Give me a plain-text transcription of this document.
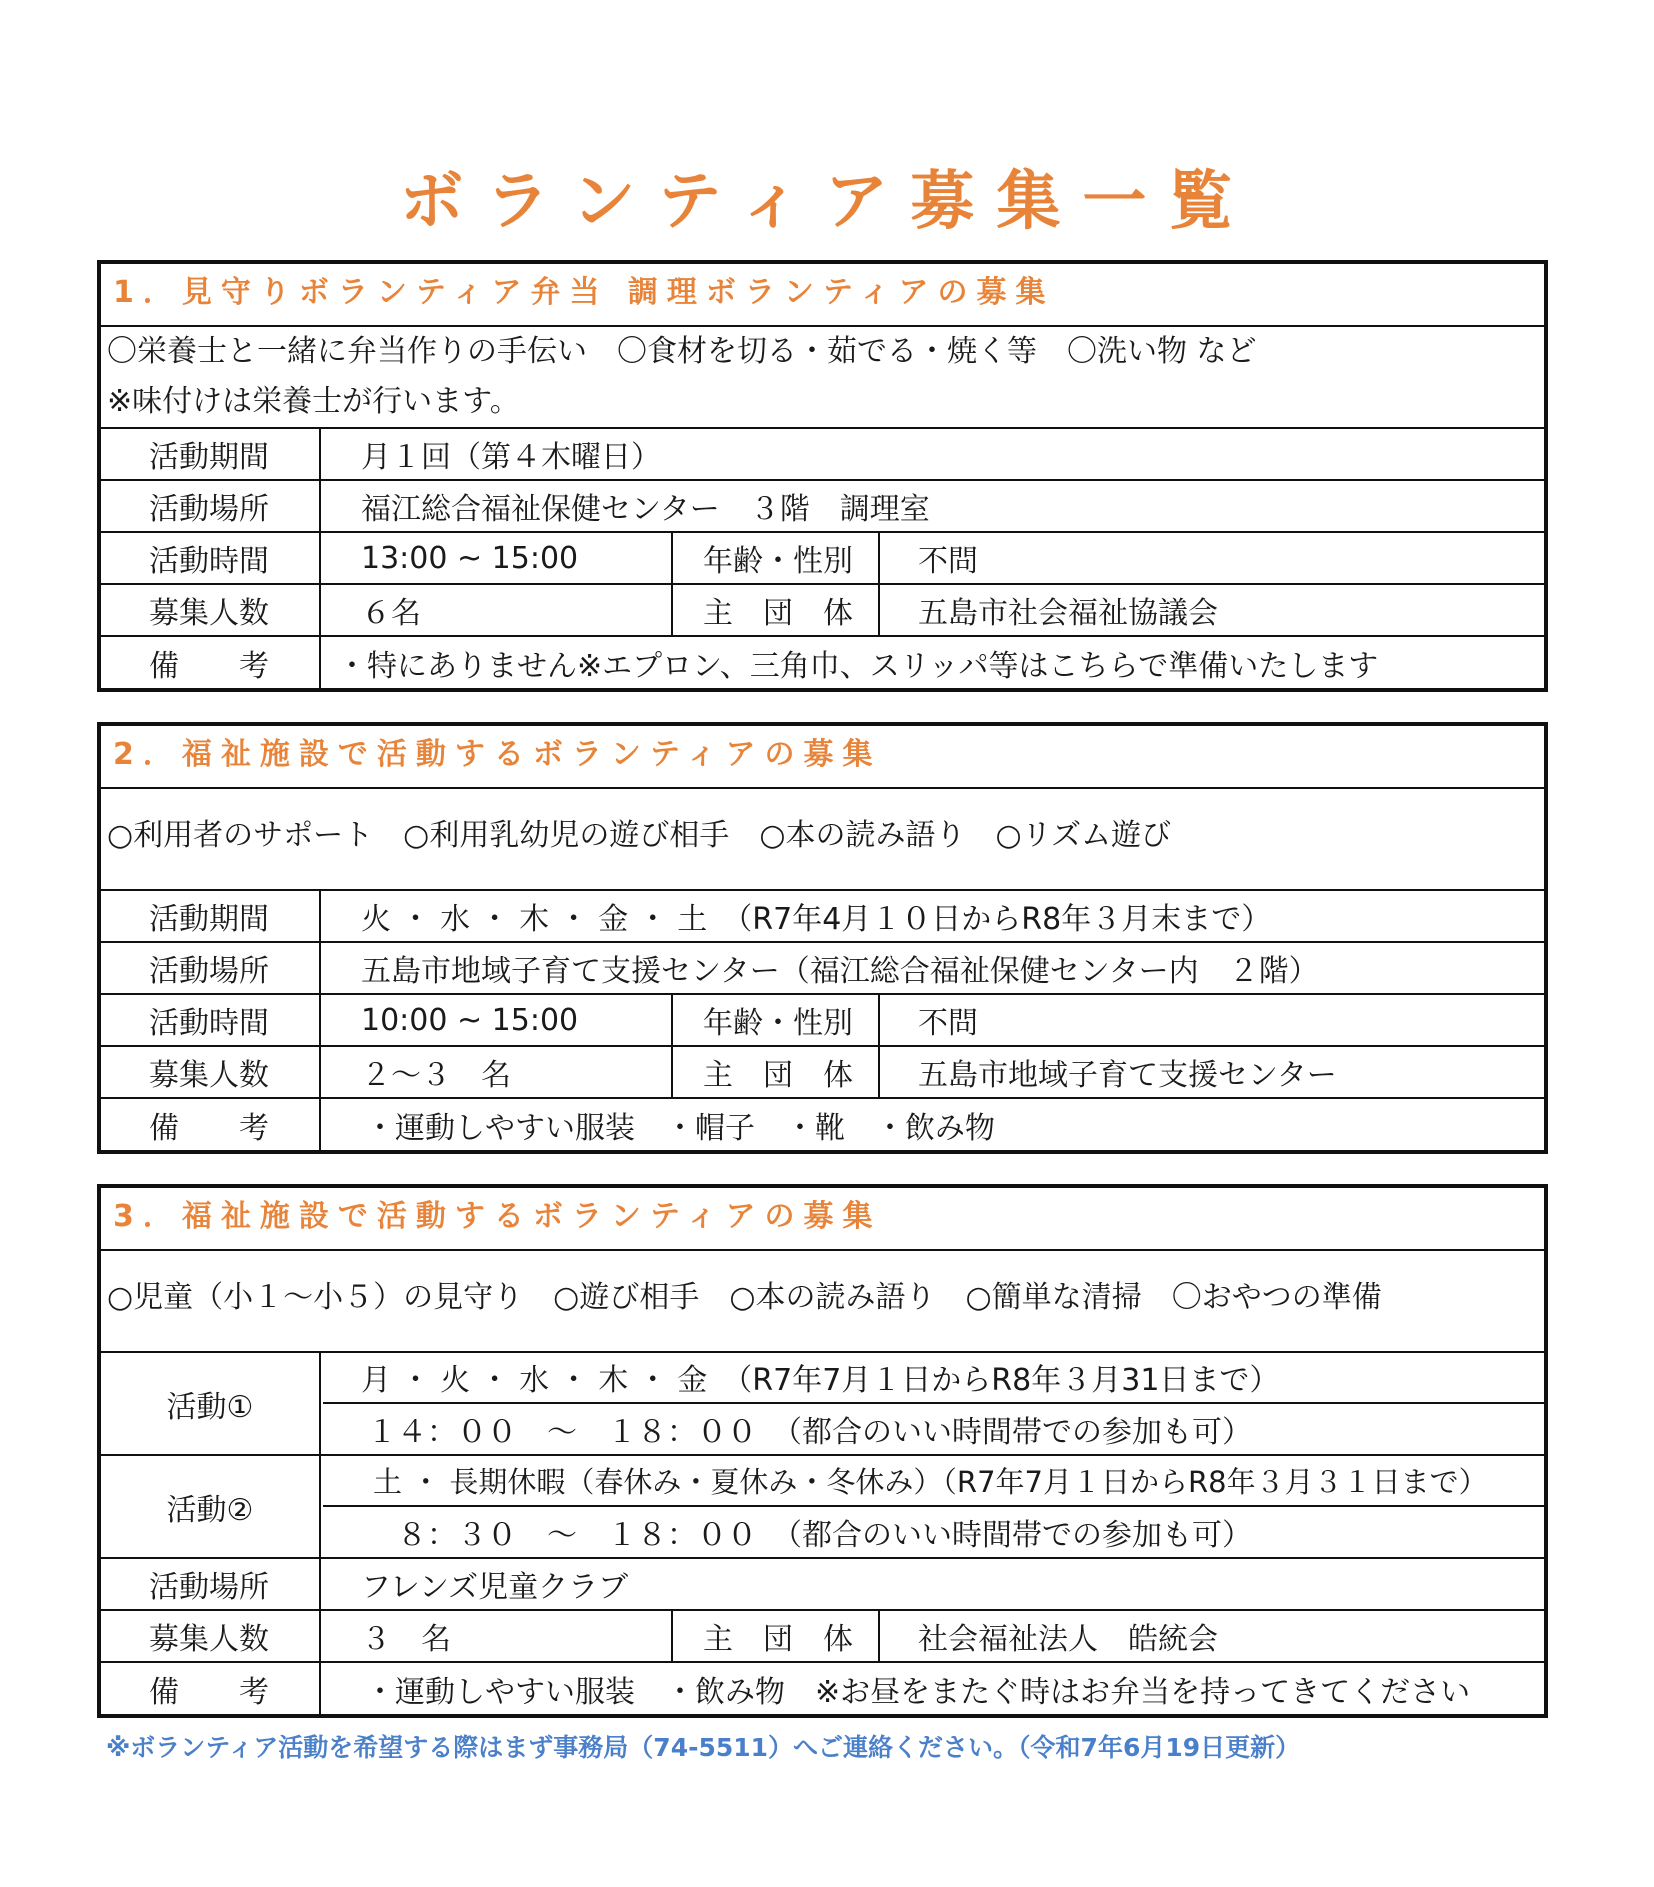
ボランティア募集一覧
1．見守りボランティア弁当 調理ボランティアの募集
〇栄養士と一緒に弁当作りの手伝い　〇食材を切る・茹でる・焼く等　〇洗い物 など
※味付けは栄養士が行います。
活動期間	月１回（第４木曜日）
活動場所	福江総合福祉保健センター　３階　調理室
活動時間	13:00 ~ 15:00	年齢・性別	不問
募集人数	６名	主　団　体	五島市社会福祉協議会
備　　考	・特にありません※エプロン、三角巾、スリッパ等はこちらで準備いたします
2．福祉施設で活動するボランティアの募集
○利用者のサポート　○利用乳幼児の遊び相手　○本の読み語り　○リズム遊び
活動期間	火 ・ 水 ・ 木 ・ 金 ・ 土　（R7年4月１０日からR8年３月末まで）
活動場所	五島市地域子育て支援センター（福江総合福祉保健センター内　２階）
活動時間	10:00 ~ 15:00	年齢・性別	不問
募集人数	２～３　名	主　団　体	五島市地域子育て支援センター
備　　考	・運動しやすい服装　・帽子　・靴　・飲み物
3．福祉施設で活動するボランティアの募集
○児童（小１～小５）の見守り　○遊び相手　○本の読み語り　○簡単な清掃　〇おやつの準備
活動①
月 ・ 火 ・ 水 ・ 木 ・ 金　（R7年7月１日からR8年３月31日まで）
１４：００　～　１８：００　（都合のいい時間帯での参加も可）
活動②
土 ・ 長期休暇（春休み・夏休み・冬休み）（R7年7月１日からR8年３月３１日まで）
８：３０　～　１８：００　（都合のいい時間帯での参加も可）
活動場所	フレンズ児童クラブ
募集人数	３　名	主　団　体	社会福祉法人　皓統会
備　　考	・運動しやすい服装　・飲み物　※お昼をまたぐ時はお弁当を持ってきてください
※ボランティア活動を希望する際はまず事務局（74-5511）へご連絡ください。（令和7年6月19日更新）
